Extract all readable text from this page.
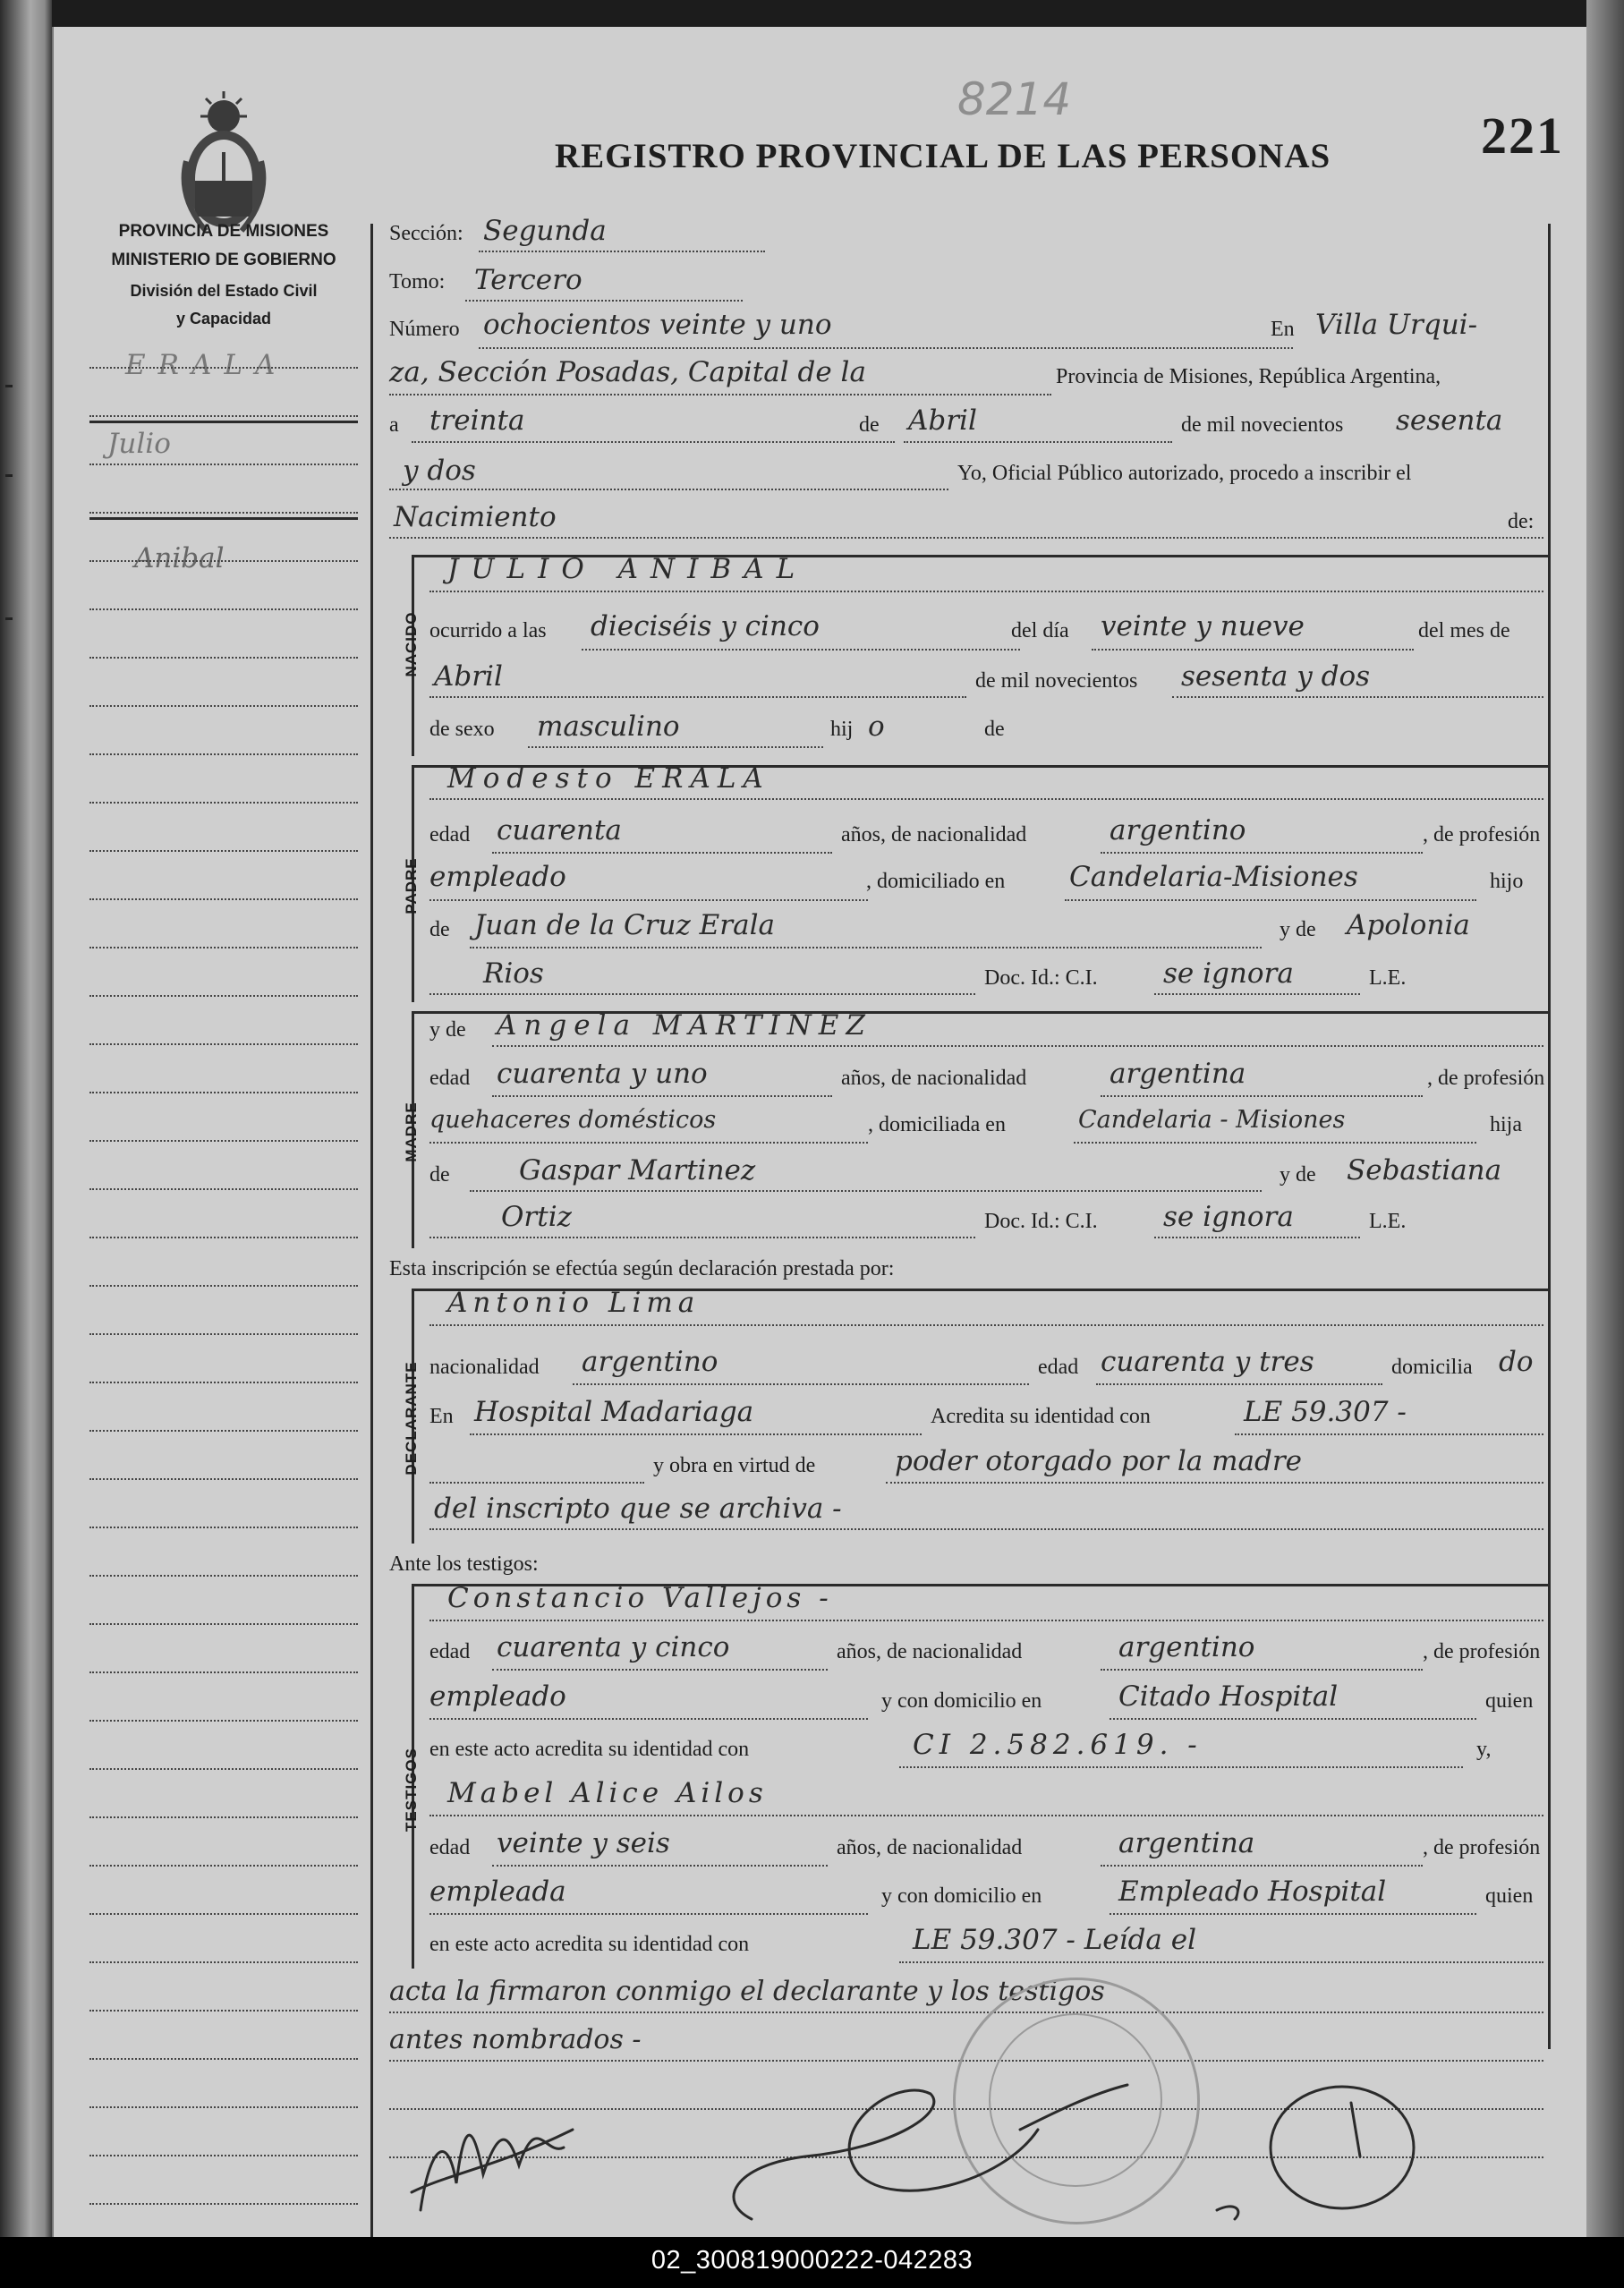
8214
REGISTRO PROVINCIAL DE LAS PERSONAS	221
PROVINCIA DE MISIONES
MINISTERIO DE GOBIERNO
División del Estado Civil
y Capacidad
ERALA
Julio
Anibal
Sección: Segunda
Tomo: Tercero
Número ochocientos veinte y uno	En Villa Urqui-
za, Sección Posadas, Capital de la	Provincia de Misiones, República Argentina,
a treinta	de Abril	de mil novecientos sesenta
y dos	Yo, Oficial Público autorizado, procedo a inscribir el
Nacimiento	de:
NACIDO
JULIO ANIBAL
ocurrido a las dieciséis y cinco	del día veinte y nueve	del mes de
Abril	de mil novecientos sesenta y dos
de sexo masculino	hij o	de
PADRE
Modesto ERALA
edad cuarenta	años, de nacionalidad	argentino	, de profesión
empleado	, domiciliado en Candelaria-Misiones	hijo
de Juan de la Cruz Erala	y de Apolonia
Rios	Doc. Id.: C.I. se ignora	L.E.
y de
MADRE
Angela MARTINEZ
edad cuarenta y uno	años, de nacionalidad	argentina	, de profesión
quehaceres domésticos	, domiciliada en	Candelaria - Misiones	hija
de Gaspar Martinez	y de Sebastiana
Ortiz	Doc. Id.: C.I. se ignora	L.E.
Esta inscripción se efectúa según declaración prestada por:
DECLARANTE
Antonio Lima
nacionalidad argentino	edad cuarenta y tres	domicilia do
En Hospital Madariaga	Acredita su identidad con	LE 59.307 -
y obra en virtud de	poder otorgado por la madre
del inscripto que se archiva -
Ante los testigos:
TESTIGOS
Constancio Vallejos -
edad cuarenta y cinco	años, de nacionalidad	argentino	, de profesión
empleado	y con domicilio en	Citado Hospital	quien
en este acto acredita su identidad con	CI 2.582.619. -	y,
Mabel Alice Ailos
edad veinte y seis	años, de nacionalidad	argentina	, de profesión
empleada	y con domicilio en	Empleado Hospital	quien
en este acto acredita su identidad con	LE 59.307 - Leída el
acta la firmaron conmigo el declarante y los testigos
antes nombrados -
02_300819000222-042283
